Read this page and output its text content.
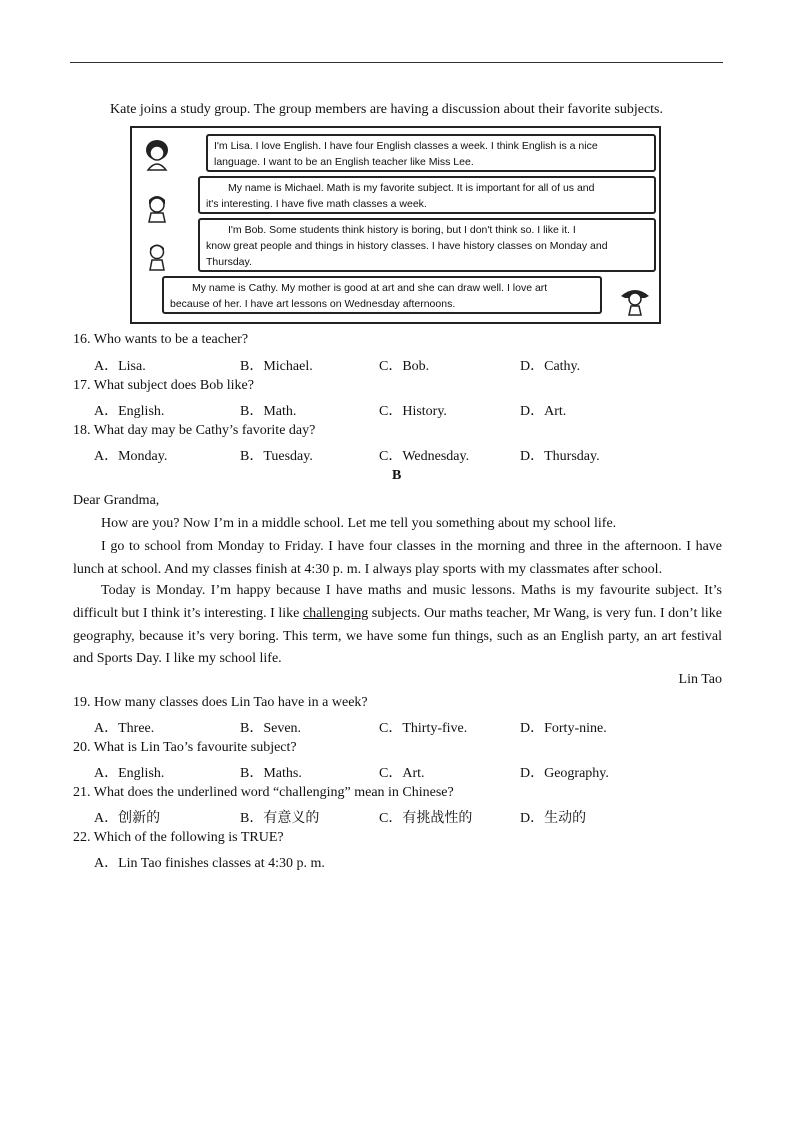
Kate joins a study group. The group members are having a discussion about their favorite subjects.
I'm Lisa. I love English. I have four English classes a week. I think English is a nice
language. I want to be an English teacher like Miss Lee.
My name is Michael. Math is my favorite subject. It is important for all of us and
it's interesting. I have five math classes a week.
I'm Bob. Some students think history is boring, but I don't think so. I like it. I
know great people and things in history classes. I have history classes on Monday and
Thursday.
My name is Cathy. My mother is good at art and she can draw well. I love art
because of her. I have art lessons on Wednesday afternoons.
16. Who wants to be a teacher?
A．Lisa.	B．Michael.	C．Bob.	D．Cathy.
17. What subject does Bob like?
A．English.	B．Math.	C．History.	D．Art.
18. What day may be Cathy’s favorite day?
A．Monday.	B．Tuesday.	C．Wednesday.	D．Thursday.
B
Dear Grandma,
How are you? Now I’m in a middle school. Let me tell you something about my school life.
I go to school from Monday to Friday. I have four classes in the morning and three in the afternoon. I have lunch at school. And my classes finish at 4:30 p. m. I always play sports with my classmates after school.
Today is Monday. I’m happy because I have maths and music lessons. Maths is my favourite subject. It’s difficult but I think it’s interesting. I like challenging subjects. Our maths teacher, Mr Wang, is very fun. I don’t like geography, because it’s very boring. This term, we have some fun things, such as an English party, an art festival and Sports Day. I like my school life.
Lin Tao
19. How many classes does Lin Tao have in a week?
A．Three.	B．Seven.	C．Thirty-five.	D．Forty-nine.
20. What is Lin Tao’s favourite subject?
A．English.	B．Maths.	C．Art.	D．Geography.
21. What does the underlined word “challenging” mean in Chinese?
A．创新的	B．有意义的	C．有挑战性的	D．生动的
22. Which of the following is TRUE?
A．Lin Tao finishes classes at 4:30 p. m.
